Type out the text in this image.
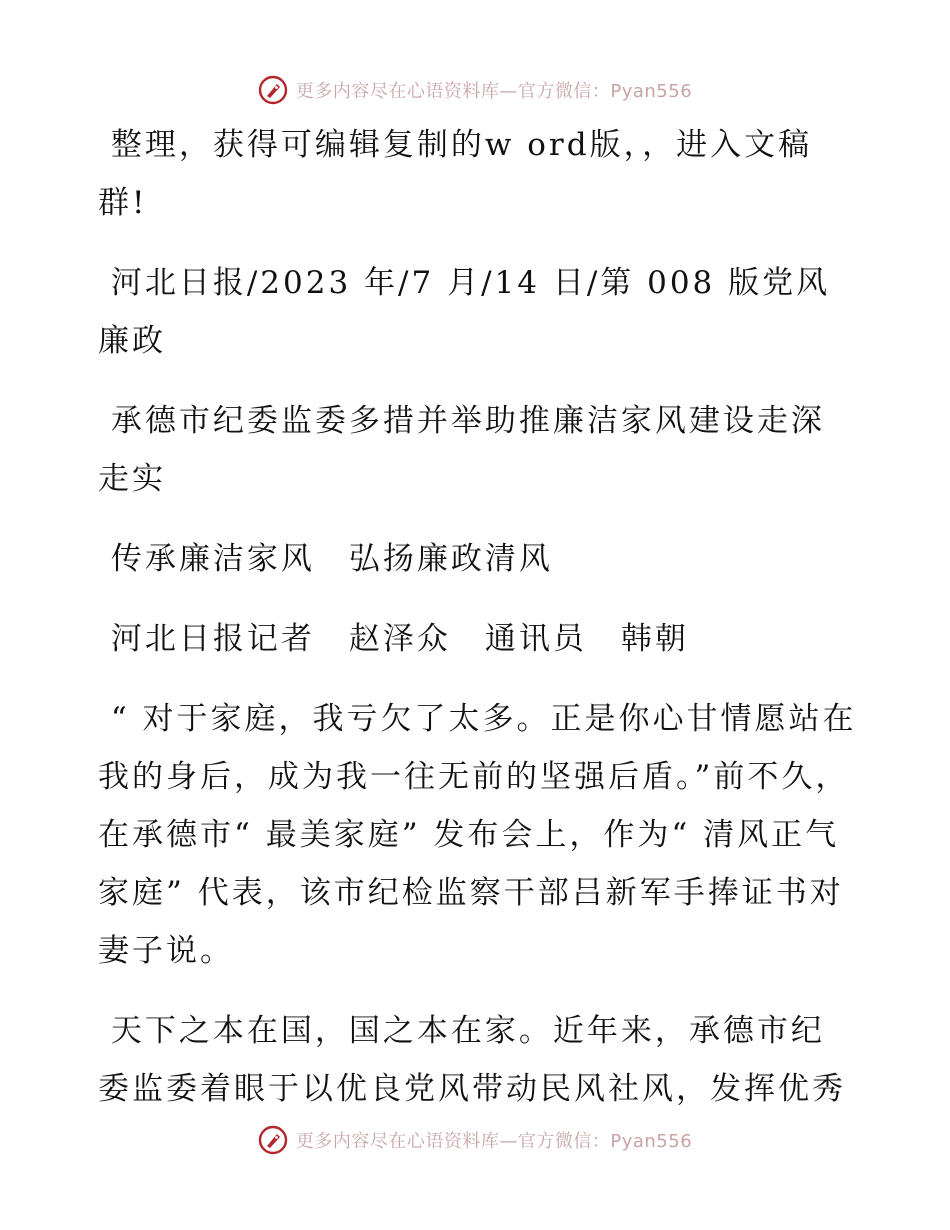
更多内容尽在心语资料库—官方微信：Pyan556

整理，获得可编辑复制的w ord版，，进入文稿群!

河北日报/2023 年/7 月/14 日/第 008 版党风廉政

承德市纪委监委多措并举助推廉洁家风建设走深走实

传承廉洁家风　弘扬廉政清风

河北日报记者　赵泽众　通讯员　韩朝

“ 对于家庭，我亏欠了太多。正是你心甘情愿站在我的身后，成为我一往无前的坚强后盾。”前不久，在承德市“ 最美家庭” 发布会上，作为“ 清风正气家庭” 代表，该市纪检监察干部吕新军手捧证书对妻子说。

天下之本在国，国之本在家。近年来，承德市纪委监委着眼于以优良党风带动民风社风，发挥优秀

更多内容尽在心语资料库—官方微信：Pyan556
